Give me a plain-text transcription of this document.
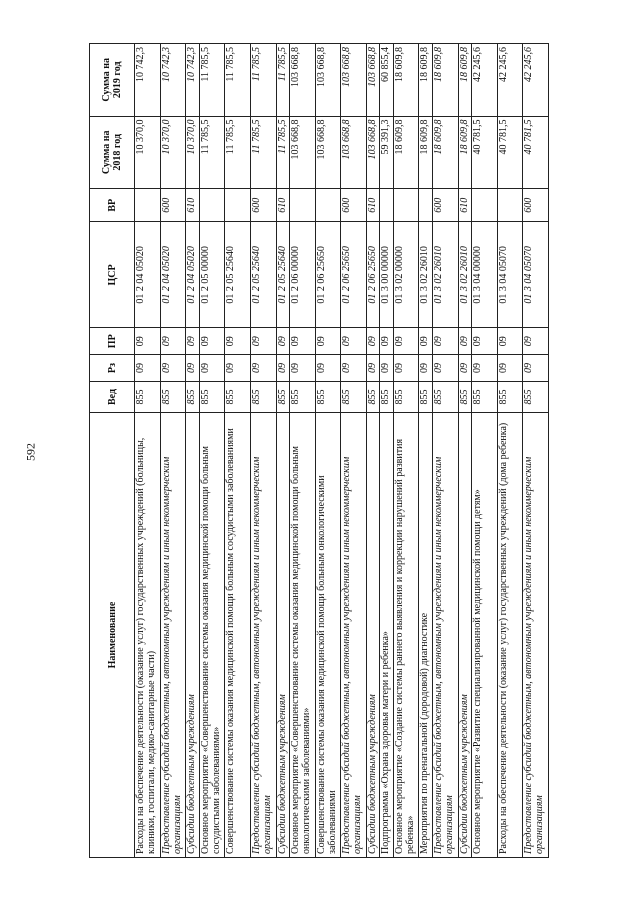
592
Наименование	Вед	Рз	ПР	ЦСР	ВР	Сумма на 2018 год	Сумма на 2019 год
Расходы на обеспечение деятельности (оказание услуг) государственных учреждений (больницы, клиники, госпитали, медико-санитарные части)	855	09	09	01 2 04 05020		10 370,0	10 742,3
Предоставление субсидий бюджетным, автономным учреждениям и иным некоммерческим организациям	855	09	09	01 2 04 05020	600	10 370,0	10 742,3
Субсидии бюджетным учреждениям	855	09	09	01 2 04 05020	610	10 370,0	10 742,3
Основное мероприятие «Совершенствование системы оказания медицинской помощи больным сосудистыми заболеваниями»	855	09	09	01 2 05 00000		11 785,5	11 785,5
Совершенствование системы оказания медицинской помощи больным сосудистыми заболеваниями	855	09	09	01 2 05 25640		11 785,5	11 785,5
Предоставление субсидий бюджетным, автономным учреждениям и иным некоммерческим организациям	855	09	09	01 2 05 25640	600	11 785,5	11 785,5
Субсидии бюджетным учреждениям	855	09	09	01 2 05 25640	610	11 785,5	11 785,5
Основное мероприятие «Совершенствование системы оказания медицинской помощи больным онкологическими заболеваниями»	855	09	09	01 2 06 00000		103 668,8	103 668,8
Совершенствование системы оказания медицинской помощи больным онкологическими заболеваниями	855	09	09	01 2 06 25650		103 668,8	103 668,8
Предоставление субсидий бюджетным, автономным учреждениям и иным некоммерческим организациям	855	09	09	01 2 06 25650	600	103 668,8	103 668,8
Субсидии бюджетным учреждениям	855	09	09	01 2 06 25650	610	103 668,8	103 668,8
Подпрограмма «Охрана здоровья матери и ребенка»	855	09	09	01 3 00 00000		59 391,3	60 855,4
Основное мероприятие «Создание системы раннего выявления и коррекции нарушений развития ребенка»	855	09	09	01 3 02 00000		18 609,8	18 609,8
Мероприятия по пренатальной (дородовой) диагностике	855	09	09	01 3 02 26010		18 609,8	18 609,8
Предоставление субсидий бюджетным, автономным учреждениям и иным некоммерческим организациям	855	09	09	01 3 02 26010	600	18 609,8	18 609,8
Субсидии бюджетным учреждениям	855	09	09	01 3 02 26010	610	18 609,8	18 609,8
Основное мероприятие «Развитие специализированной медицинской помощи детям»	855	09	09	01 3 04 00000		40 781,5	42 245,6
Расходы на обеспечение деятельности (оказание услуг) государственных учреждений (дома ребенка)	855	09	09	01 3 04 05070		40 781,5	42 245,6
Предоставление субсидий бюджетным, автономным учреждениям и иным некоммерческим организациям	855	09	09	01 3 04 05070	600	40 781,5	42 245,6
